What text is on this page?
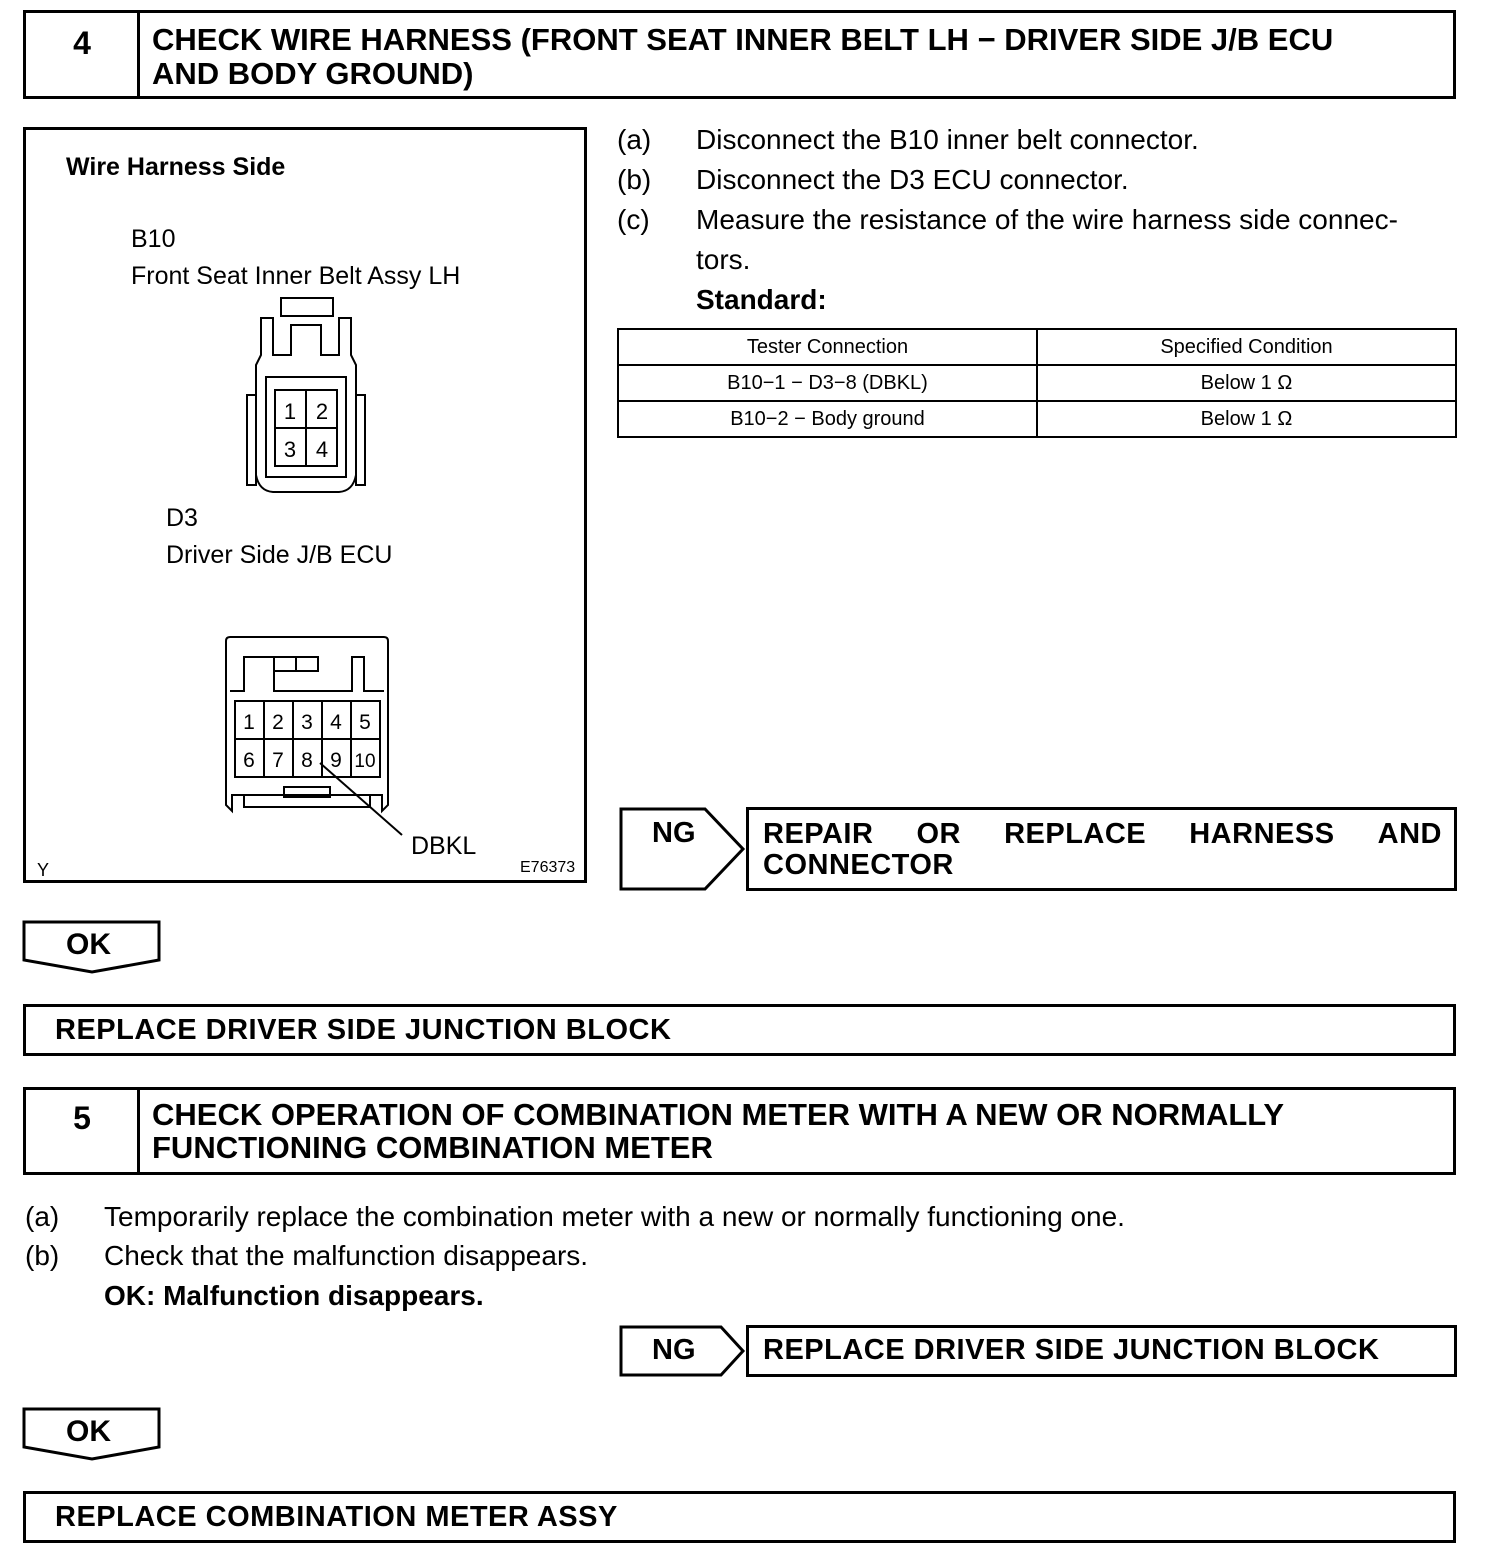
4	CHECK WIRE HARNESS (FRONT SEAT INNER BELT LH − DRIVER SIDE J/B ECU
AND BODY GROUND)
Wire Harness Side
B10
Front Seat Inner Belt Assy LH
1 2
3 4
D3
Driver Side J/B ECU
1 2 3 4 5
6 7 8 9 10
DBKL
Y	E76373
(a) Disconnect the B10 inner belt connector.
(b) Disconnect the D3 ECU connector.
(c) Measure the resistance of the wire harness side connec-
tors.
Standard:
Tester Connection	Specified Condition
B10−1 − D3−8 (DBKL)	Below 1 Ω
B10−2 − Body ground	Below 1 Ω
NG REPAIR OR REPLACE HARNESS AND
CONNECTOR
OK
REPLACE DRIVER SIDE JUNCTION BLOCK
5	CHECK OPERATION OF COMBINATION METER WITH A NEW OR NORMALLY
FUNCTIONING COMBINATION METER
(a) Temporarily replace the combination meter with a new or normally functioning one.
(b) Check that the malfunction disappears.
OK: Malfunction disappears.
NG REPLACE DRIVER SIDE JUNCTION BLOCK
OK
REPLACE COMBINATION METER ASSY
